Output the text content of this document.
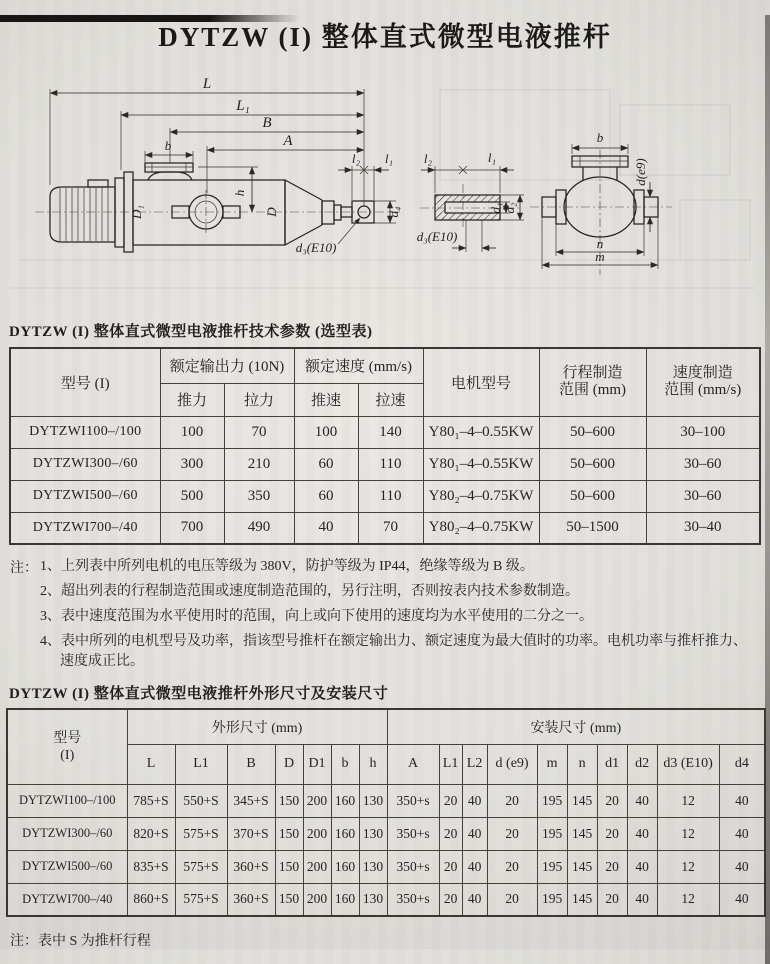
DYTZW (I) 整体直式微型电液推杆
L
L₁
B
A
b
h
D₁	D
l₂ l₁
d₄
d₃(E10)
l₂	l₁
d₁ d₂
d₃(E10)
b
d(e9)
n
m
DYTZW (I) 整体直式微型电液推杆技术参数 (选型表)
型号 (I)	额定输出力 (10N)	额定速度 (mm/s)	电机型号	
行程制造
范围 (mm)

速度制造
范围 (mm/s)

	推力	拉力	推速	拉速			
DYTZWI100–/100	100	70	100	140	Y80₁–4–0.55KW	50–600	30–100
DYTZWI300–/60	300	210	60	110	Y80₁–4–0.55KW	50–600	30–60
DYTZWI500–/60	500	350	60	110	Y80₂–4–0.75KW	50–600	30–60
DYTZWI700–/40	700	490	40	70	Y80₂–4–0.75KW	50–1500	30–40
注： 1、上列表中所列电机的电压等级为 380V，防护等级为 IP44，绝缘等级为 B 级。
2、超出列表的行程制造范围或速度制造范围的，另行注明，否则按表内技术参数制造。
3、表中速度范围为水平使用时的范围，向上或向下使用的速度均为水平使用的二分之一。
4、表中所列的电机型号及功率，指该型号推杆在额定输出力、额定速度为最大值时的功率。电机功率与推杆推力、速度成正比。
DYTZW (I) 整体直式微型电液推杆外形尺寸及安装尺寸
型号
(I)	外形尺寸 (mm)							安装尺寸 (mm)									
	L	L1	B	D	D1	b	h	A	L1	L2	d (e9)	m	n	d1	d2	d3 (E10)	d4
DYTZWI100–/100	785+S	550+S	345+S	150	200	160	130	350+s	20	40	20	195	145	20	40	12	40
DYTZWI300–/60	820+S	575+S	370+S	150	200	160	130	350+s	20	40	20	195	145	20	40	12	40
DYTZWI500–/60	835+S	575+S	360+S	150	200	160	130	350+s	20	40	20	195	145	20	40	12	40
DYTZWI700–/40	860+S	575+S	360+S	150	200	160	130	350+s	20	40	20	195	145	20	40	12	40
注：表中 S 为推杆行程
